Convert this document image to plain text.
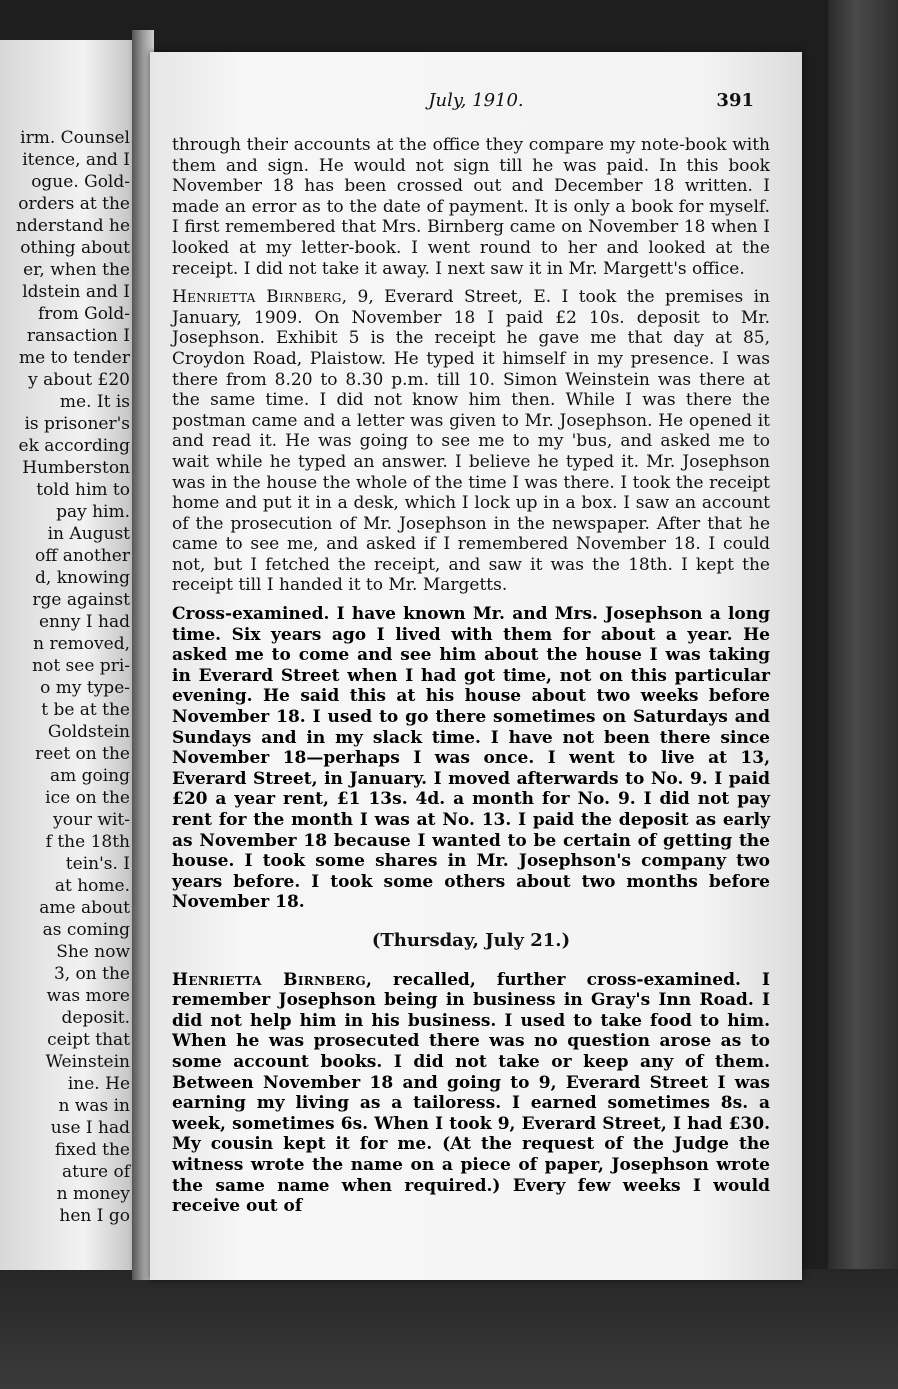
irm. Counsel
itence, and I
ogue. Gold-
orders at the
nderstand he
othing about
er, when the
ldstein and I
from Gold-
ransaction I
me to tender
y about £20
me. It is
is prisoner's
ek according
Humberston
told him to
pay him.
in August
off another
d, knowing
rge against
enny I had
n removed,
not see pri-
o my type-
t be at the
Goldstein
reet on the
am going
ice on the
your wit-
f the 18th
tein's. I
at home.
ame about
as coming
She now
3, on the
was more
deposit.
ceipt that
Weinstein
ine. He
n was in
use I had
fixed the
ature of
n money
hen I go
July, 1910.	391

through their accounts at the office they compare my note-book with them and sign. He would not sign till he was paid. In this book November 18 has been crossed out and December 18 written. I made an error as to the date of payment. It is only a book for myself. I first remembered that Mrs. Birnberg came on November 18 when I looked at my letter-book. I went round to her and looked at the receipt. I did not take it away. I next saw it in Mr. Margett's office.

Henrietta Birnberg, 9, Everard Street, E. I took the premises in January, 1909. On November 18 I paid £2 10s. deposit to Mr. Josephson. Exhibit 5 is the receipt he gave me that day at 85, Croydon Road, Plaistow. He typed it himself in my presence. I was there from 8.20 to 8.30 p.m. till 10. Simon Weinstein was there at the same time. I did not know him then. While I was there the postman came and a letter was given to Mr. Josephson. He opened it and read it. He was going to see me to my 'bus, and asked me to wait while he typed an answer. I believe he typed it. Mr. Josephson was in the house the whole of the time I was there. I took the receipt home and put it in a desk, which I lock up in a box. I saw an account of the prosecution of Mr. Josephson in the newspaper. After that he came to see me, and asked if I remembered November 18. I could not, but I fetched the receipt, and saw it was the 18th. I kept the receipt till I handed it to Mr. Margetts.

Cross-examined. I have known Mr. and Mrs. Josephson a long time. Six years ago I lived with them for about a year. He asked me to come and see him about the house I was taking in Everard Street when I had got time, not on this particular evening. He said this at his house about two weeks before November 18. I used to go there sometimes on Saturdays and Sundays and in my slack time. I have not been there since November 18—perhaps I was once. I went to live at 13, Everard Street, in January. I moved afterwards to No. 9. I paid £20 a year rent, £1 13s. 4d. a month for No. 9. I did not pay rent for the month I was at No. 13. I paid the deposit as early as November 18 because I wanted to be certain of getting the house. I took some shares in Mr. Josephson's company two years before. I took some others about two months before November 18.

(Thursday, July 21.)

Henrietta Birnberg, recalled, further cross-examined. I remember Josephson being in business in Gray's Inn Road. I did not help him in his business. I used to take food to him. When he was prosecuted there was no question arose as to some account books. I did not take or keep any of them. Between November 18 and going to 9, Everard Street I was earning my living as a tailoress. I earned sometimes 8s. a week, sometimes 6s. When I took 9, Everard Street, I had £30. My cousin kept it for me. (At the request of the Judge the witness wrote the name on a piece of paper, Josephson wrote the same name when required.) Every few weeks I would receive out of
